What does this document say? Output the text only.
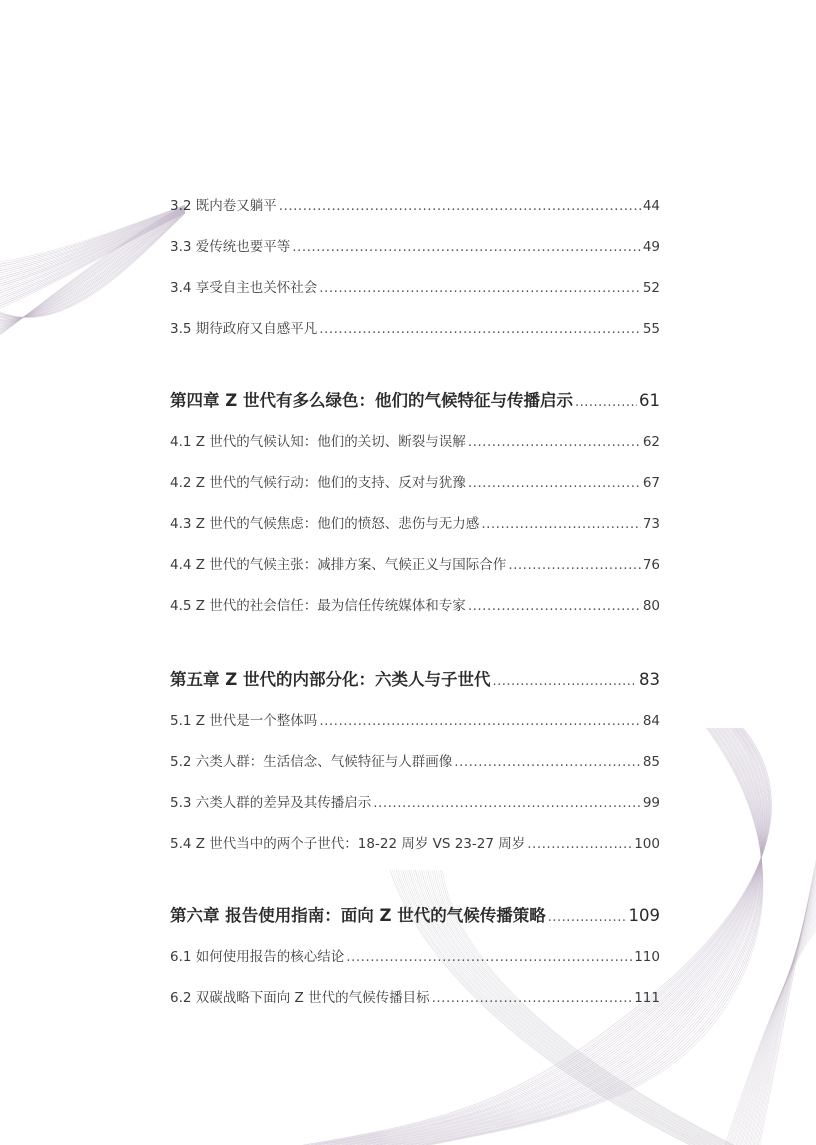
3.2 既内卷又躺平 .....	44
3.3 爱传统也要平等 .....	49
3.4 享受自主也关怀社会 .....	52
3.5 期待政府又自感平凡 .....	55
第四章 Z 世代有多么绿色：他们的气候特征与传播启示 .....	61
4.1 Z 世代的气候认知：他们的关切、断裂与误解 .....	62
4.2 Z 世代的气候行动：他们的支持、反对与犹豫 .....	67
4.3 Z 世代的气候焦虑：他们的愤怒、悲伤与无力感 .....	73
4.4 Z 世代的气候主张：减排方案、气候正义与国际合作 .....	76
4.5 Z 世代的社会信任：最为信任传统媒体和专家 .....	80
第五章 Z 世代的内部分化：六类人与子世代 .....	83
5.1 Z 世代是一个整体吗 .....	84
5.2 六类人群：生活信念、气候特征与人群画像 .....	85
5.3 六类人群的差异及其传播启示 .....	99
5.4 Z 世代当中的两个子世代：18-22 周岁 VS 23-27 周岁 .....	100
第六章 报告使用指南：面向 Z 世代的气候传播策略 .....	109
6.1 如何使用报告的核心结论 .....	110
6.2 双碳战略下面向 Z 世代的气候传播目标 .....	111
